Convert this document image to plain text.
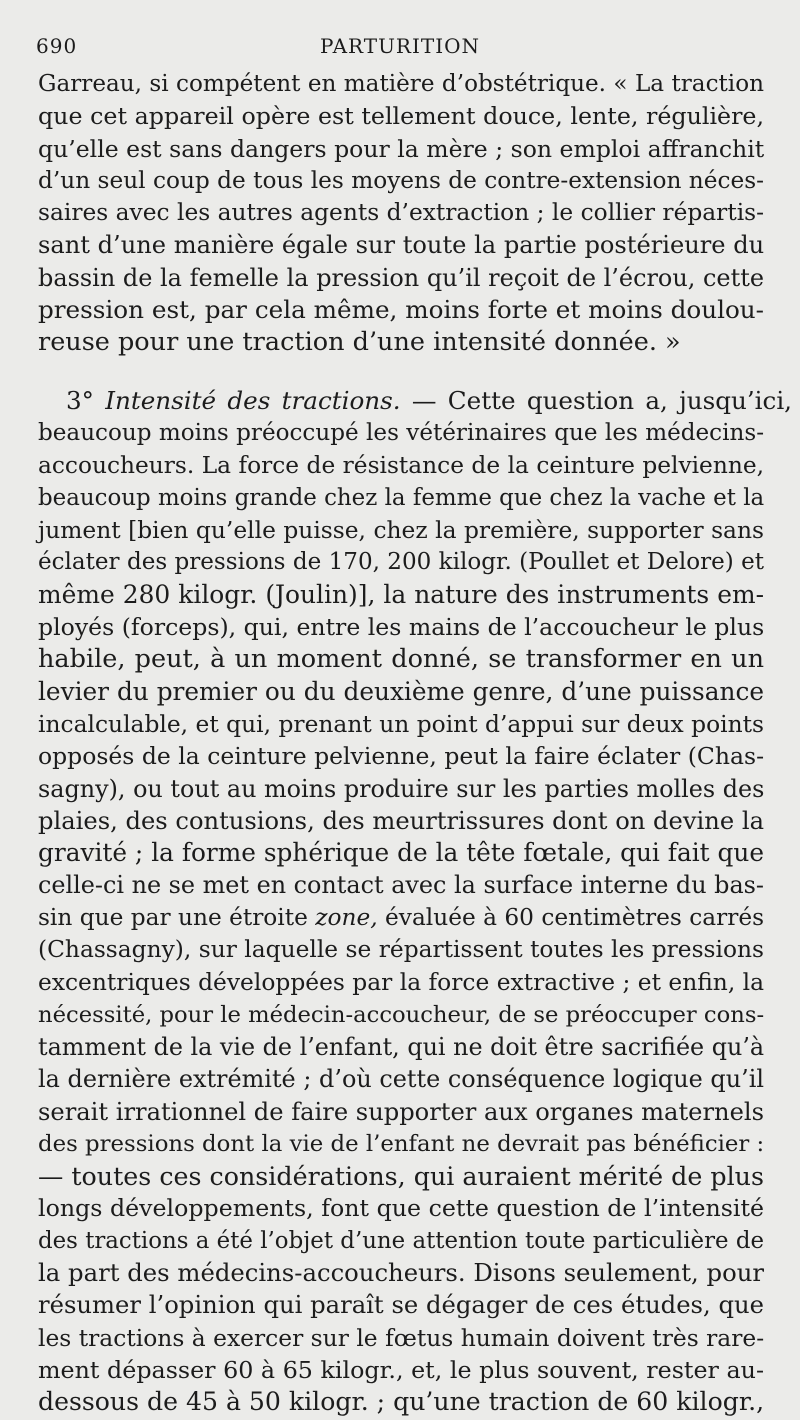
690	PARTURITION
Garreau, si compétent en matière d’obstétrique. « La traction
que cet appareil opère est tellement douce, lente, régulière,
qu’elle est sans dangers pour la mère ; son emploi affranchit
d’un seul coup de tous les moyens de contre-extension néces-
saires avec les autres agents d’extraction ; le collier répartis-
sant d’une manière égale sur toute la partie postérieure du
bassin de la femelle la pression qu’il reçoit de l’écrou, cette
pression est, par cela même, moins forte et moins doulou-
reuse pour une traction d’une intensité donnée. »
3° Intensité des tractions. — Cette question a, jusqu’ici,
beaucoup moins préoccupé les vétérinaires que les médecins-
accoucheurs. La force de résistance de la ceinture pelvienne,
beaucoup moins grande chez la femme que chez la vache et la
jument [bien qu’elle puisse, chez la première, supporter sans
éclater des pressions de 170, 200 kilogr. (Poullet et Delore) et
même 280 kilogr. (Joulin)], la nature des instruments em-
ployés (forceps), qui, entre les mains de l’accoucheur le plus
habile, peut, à un moment donné, se transformer en un
levier du premier ou du deuxième genre, d’une puissance
incalculable, et qui, prenant un point d’appui sur deux points
opposés de la ceinture pelvienne, peut la faire éclater (Chas-
sagny), ou tout au moins produire sur les parties molles des
plaies, des contusions, des meurtrissures dont on devine la
gravité ; la forme sphérique de la tête fœtale, qui fait que
celle-ci ne se met en contact avec la surface interne du bas-
sin que par une étroite zone, évaluée à 60 centimètres carrés
(Chassagny), sur laquelle se répartissent toutes les pressions
excentriques développées par la force extractive ; et enfin, la
nécessité, pour le médecin-accoucheur, de se préoccuper cons-
tamment de la vie de l’enfant, qui ne doit être sacrifiée qu’à
la dernière extrémité ; d’où cette conséquence logique qu’il
serait irrationnel de faire supporter aux organes maternels
des pressions dont la vie de l’enfant ne devrait pas bénéficier :
— toutes ces considérations, qui auraient mérité de plus
longs développements, font que cette question de l’intensité
des tractions a été l’objet d’une attention toute particulière de
la part des médecins-accoucheurs. Disons seulement, pour
résumer l’opinion qui paraît se dégager de ces études, que
les tractions à exercer sur le fœtus humain doivent très rare-
ment dépasser 60 à 65 kilogr., et, le plus souvent, rester au-
dessous de 45 à 50 kilogr. ; qu’une traction de 60 kilogr.,
